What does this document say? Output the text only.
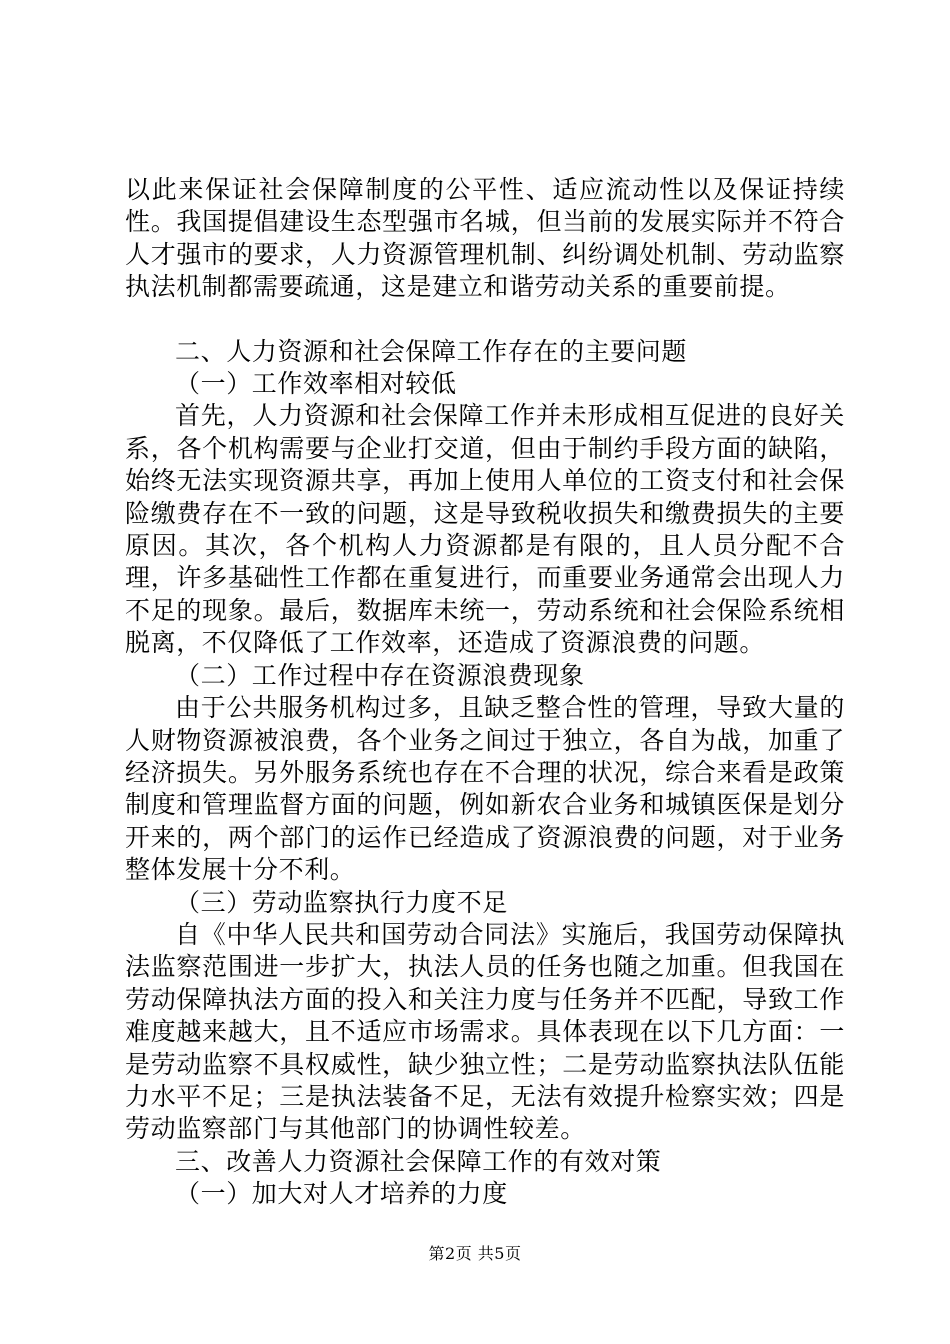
以此来保证社会保障制度的公平性、适应流动性以及保证持续性。我国提倡建设生态型强市名城，但当前的发展实际并不符合人才强市的要求，人力资源管理机制、纠纷调处机制、劳动监察执法机制都需要疏通，这是建立和谐劳动关系的重要前提。

二、人力资源和社会保障工作存在的主要问题

（一）工作效率相对较低

首先，人力资源和社会保障工作并未形成相互促进的良好关系，各个机构需要与企业打交道，但由于制约手段方面的缺陷，始终无法实现资源共享，再加上使用人单位的工资支付和社会保险缴费存在不一致的问题，这是导致税收损失和缴费损失的主要原因。其次，各个机构人力资源都是有限的，且人员分配不合理，许多基础性工作都在重复进行，而重要业务通常会出现人力不足的现象。最后，数据库未统一，劳动系统和社会保险系统相脱离，不仅降低了工作效率，还造成了资源浪费的问题。

（二）工作过程中存在资源浪费现象

由于公共服务机构过多，且缺乏整合性的管理，导致大量的人财物资源被浪费，各个业务之间过于独立，各自为战，加重了经济损失。另外服务系统也存在不合理的状况，综合来看是政策制度和管理监督方面的问题，例如新农合业务和城镇医保是划分开来的，两个部门的运作已经造成了资源浪费的问题，对于业务整体发展十分不利。

（三）劳动监察执行力度不足

自《中华人民共和国劳动合同法》实施后，我国劳动保障执法监察范围进一步扩大，执法人员的任务也随之加重。但我国在劳动保障执法方面的投入和关注力度与任务并不匹配，导致工作难度越来越大，且不适应市场需求。具体表现在以下几方面：一是劳动监察不具权威性，缺少独立性；二是劳动监察执法队伍能力水平不足；三是执法装备不足，无法有效提升检察实效；四是劳动监察部门与其他部门的协调性较差。

三、改善人力资源社会保障工作的有效对策

（一）加大对人才培养的力度

第2页 共5页
